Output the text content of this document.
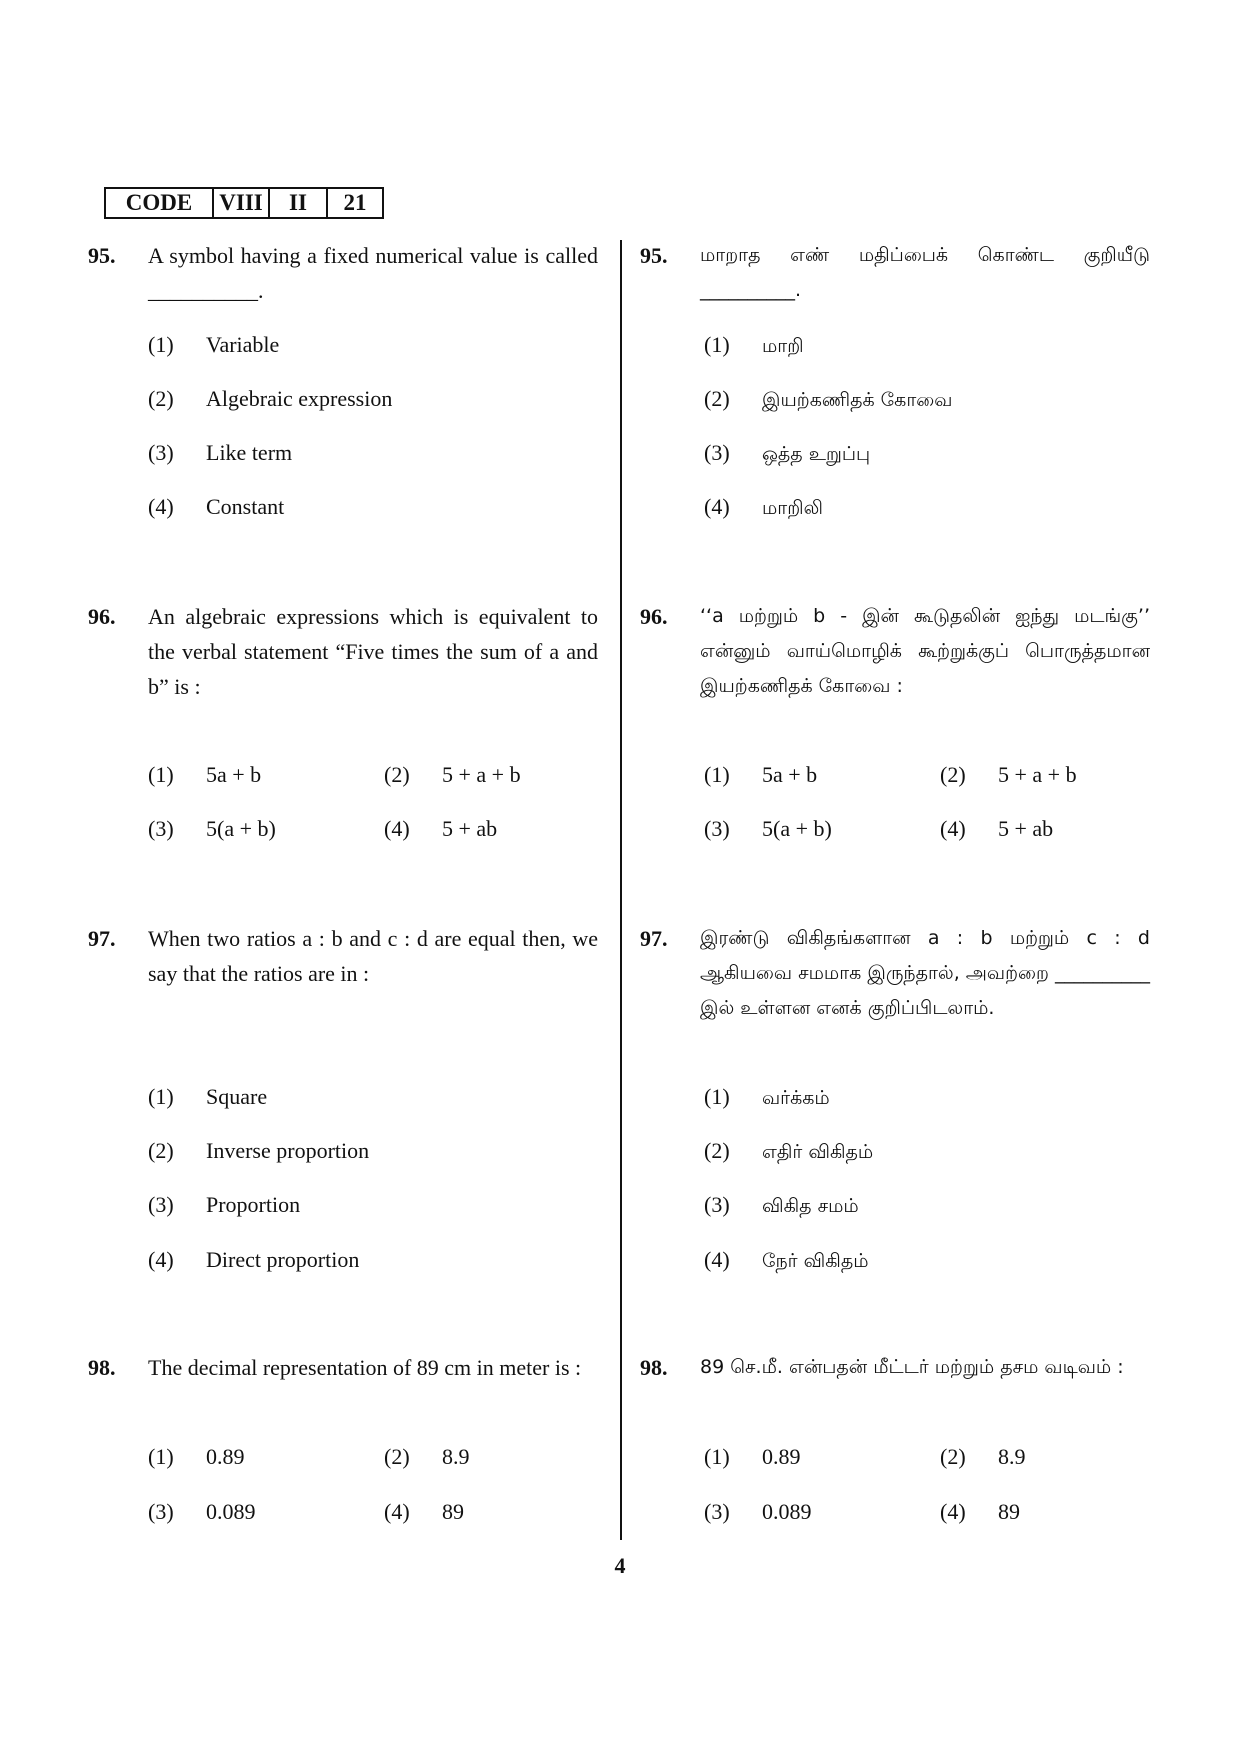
CODE	VIII	II	21
95. A symbol having a fixed numerical value is called __________.
(1) Variable
(2) Algebraic expression
(3) Like term
(4) Constant
96. An algebraic expressions which is equivalent to the verbal statement “Five times the sum of a and b” is :
(1) 5a + b	(2) 5 + a + b
(3) 5(a + b)	(4) 5 + ab
97. When two ratios a : b and c : d are equal then, we say that the ratios are in :
(1) Square
(2) Inverse proportion
(3) Proportion
(4) Direct proportion
98. The decimal representation of 89 cm in meter is :
(1) 0.89	(2) 8.9
(3) 0.089	(4) 89
95. மாறாத எண் மதிப்பைக் கொண்ட குறியீடு __________.
(1) மாறி
(2) இயற்கணிதக் கோவை
(3) ஒத்த உறுப்பு
(4) மாறிலி
96. ‘‘a மற்றும் b - இன் கூடுதலின் ஐந்து மடங்கு’’ என்னும் வாய்மொழிக் கூற்றுக்குப் பொருத்தமான இயற்கணிதக் கோவை :
(1) 5a + b	(2) 5 + a + b
(3) 5(a + b)	(4) 5 + ab
97. இரண்டு விகிதங்களான a : b மற்றும் c : d ஆகியவை சமமாக இருந்தால், அவற்றை __________ இல் உள்ளன எனக் குறிப்பிடலாம்.
(1) வர்க்கம்
(2) எதிர் விகிதம்
(3) விகித சமம்
(4) நேர் விகிதம்
98. 89 செ.மீ. என்பதன் மீட்டர் மற்றும் தசம வடிவம் :
(1) 0.89	(2) 8.9
(3) 0.089	(4) 89
4
